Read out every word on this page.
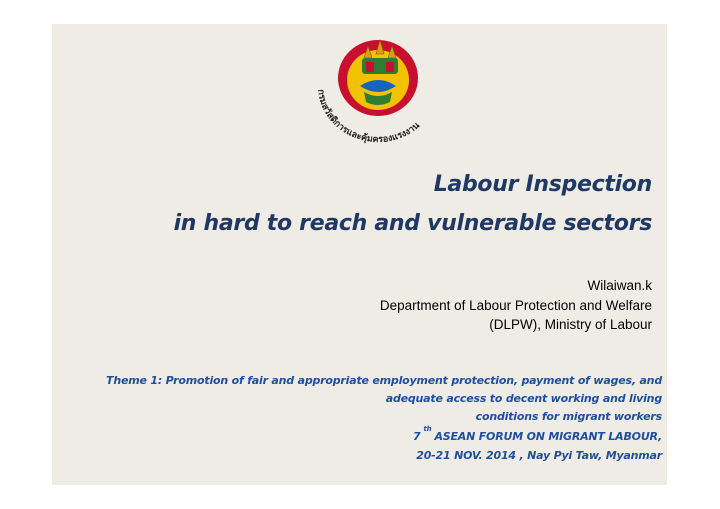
กรมสวัสดิการและคุ้มครองแรงงาน
Labour Inspection
in hard to reach and vulnerable sectors
Wilaiwan.k
Department of Labour Protection and Welfare
(DLPW), Ministry of Labour
Theme 1: Promotion of fair and appropriate employment protection, payment of wages, and
adequate access to decent working and living
conditions for migrant workers
7thASEAN FORUM ON MIGRANT LABOUR,
20-21 NOV. 2014 , Nay Pyi Taw, Myanmar
